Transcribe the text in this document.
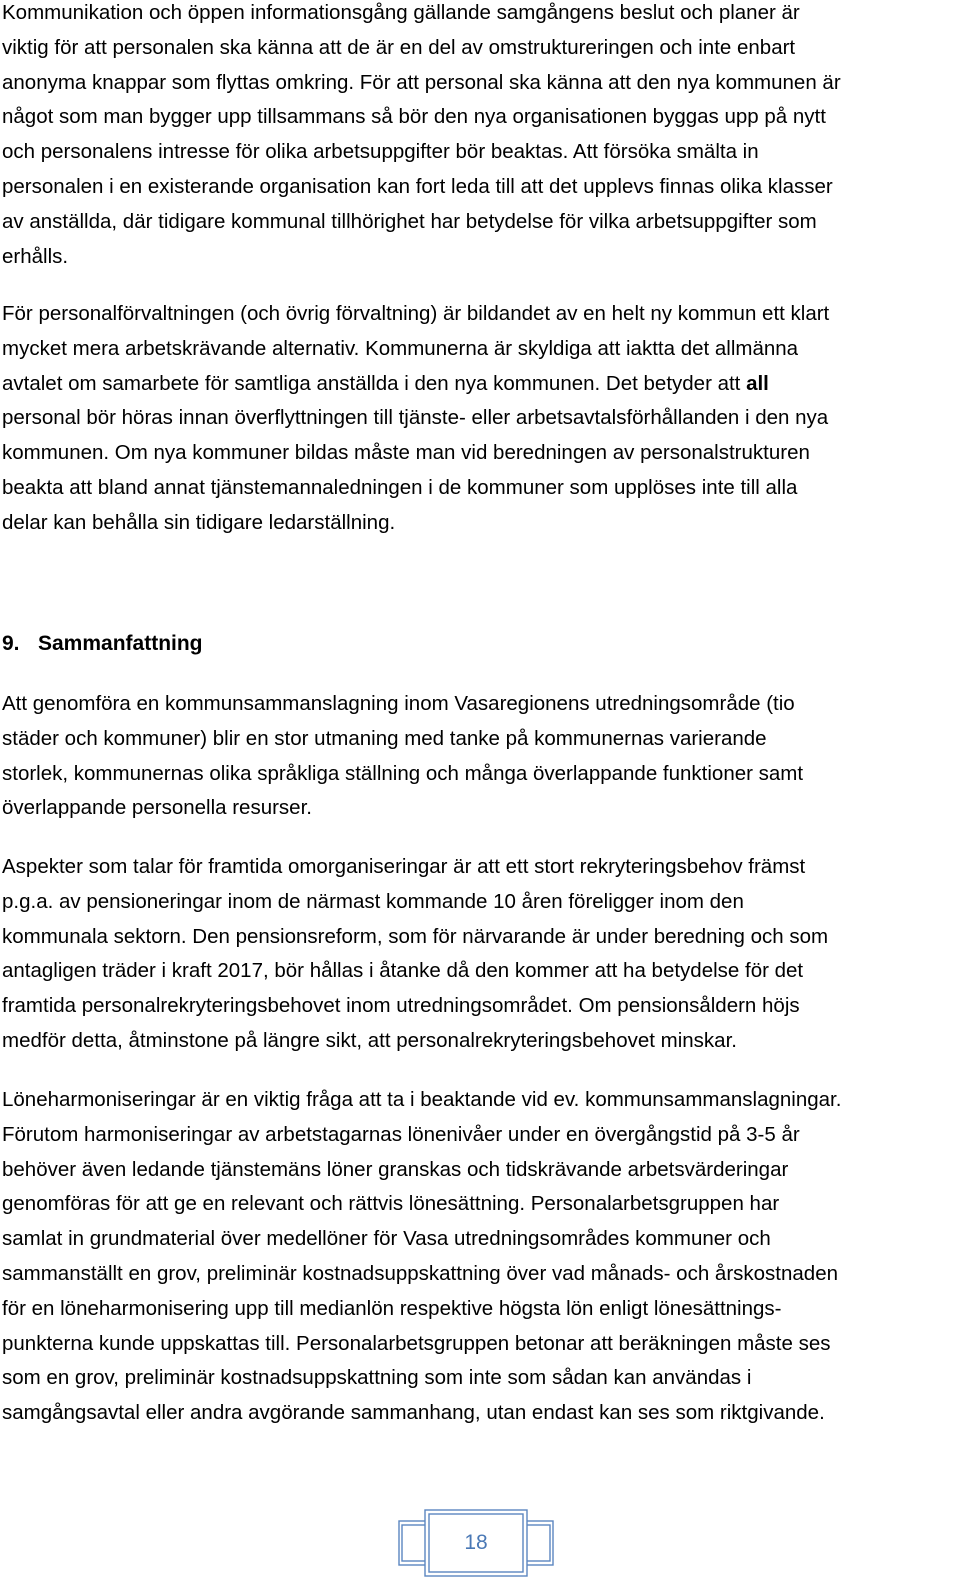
Kommunikation och öppen informationsgång gällande samgångens beslut och planer är
viktig för att personalen ska känna att de är en del av omstruktureringen och inte enbart
anonyma knappar som flyttas omkring. För att personal ska känna att den nya kommunen är
något som man bygger upp tillsammans så bör den nya organisationen byggas upp på nytt
och personalens intresse för olika arbetsuppgifter bör beaktas. Att försöka smälta in
personalen i en existerande organisation kan fort leda till att det upplevs finnas olika klasser
av anställda, där tidigare kommunal tillhörighet har betydelse för vilka arbetsuppgifter som
erhålls.
För personalförvaltningen (och övrig förvaltning) är bildandet av en helt ny kommun ett klart
mycket mera arbetskrävande alternativ. Kommunerna är skyldiga att iaktta det allmänna
avtalet om samarbete för samtliga anställda i den nya kommunen. Det betyder att all
personal bör höras innan överflyttningen till tjänste- eller arbetsavtalsförhållanden i den nya
kommunen. Om nya kommuner bildas måste man vid beredningen av personalstrukturen
beakta att bland annat tjänstemannaledningen i de kommuner som upplöses inte till alla
delar kan behålla sin tidigare ledarställning.
9. Sammanfattning
Att genomföra en kommunsammanslagning inom Vasaregionens utredningsområde (tio
städer och kommuner) blir en stor utmaning med tanke på kommunernas varierande
storlek, kommunernas olika språkliga ställning och många överlappande funktioner samt
överlappande personella resurser.
Aspekter som talar för framtida omorganiseringar är att ett stort rekryteringsbehov främst
p.g.a. av pensioneringar inom de närmast kommande 10 åren föreligger inom den
kommunala sektorn. Den pensionsreform, som för närvarande är under beredning och som
antagligen träder i kraft 2017, bör hållas i åtanke då den kommer att ha betydelse för det
framtida personalrekryteringsbehovet inom utredningsområdet. Om pensionsåldern höjs
medför detta, åtminstone på längre sikt, att personalrekryteringsbehovet minskar.
Löneharmoniseringar är en viktig fråga att ta i beaktande vid ev. kommunsammanslagningar.
Förutom harmoniseringar av arbetstagarnas lönenivåer under en övergångstid på 3-5 år
behöver även ledande tjänstemäns löner granskas och tidskrävande arbetsvärderingar
genomföras för att ge en relevant och rättvis lönesättning. Personalarbetsgruppen har
samlat in grundmaterial över medellöner för Vasa utredningsområdes kommuner och
sammanställt en grov, preliminär kostnadsuppskattning över vad månads- och årskostnaden
för en löneharmonisering upp till medianlön respektive högsta lön enligt lönesättnings-
punkterna kunde uppskattas till. Personalarbetsgruppen betonar att beräkningen måste ses
som en grov, preliminär kostnadsuppskattning som inte som sådan kan användas i
samgångsavtal eller andra avgörande sammanhang, utan endast kan ses som riktgivande.
18
